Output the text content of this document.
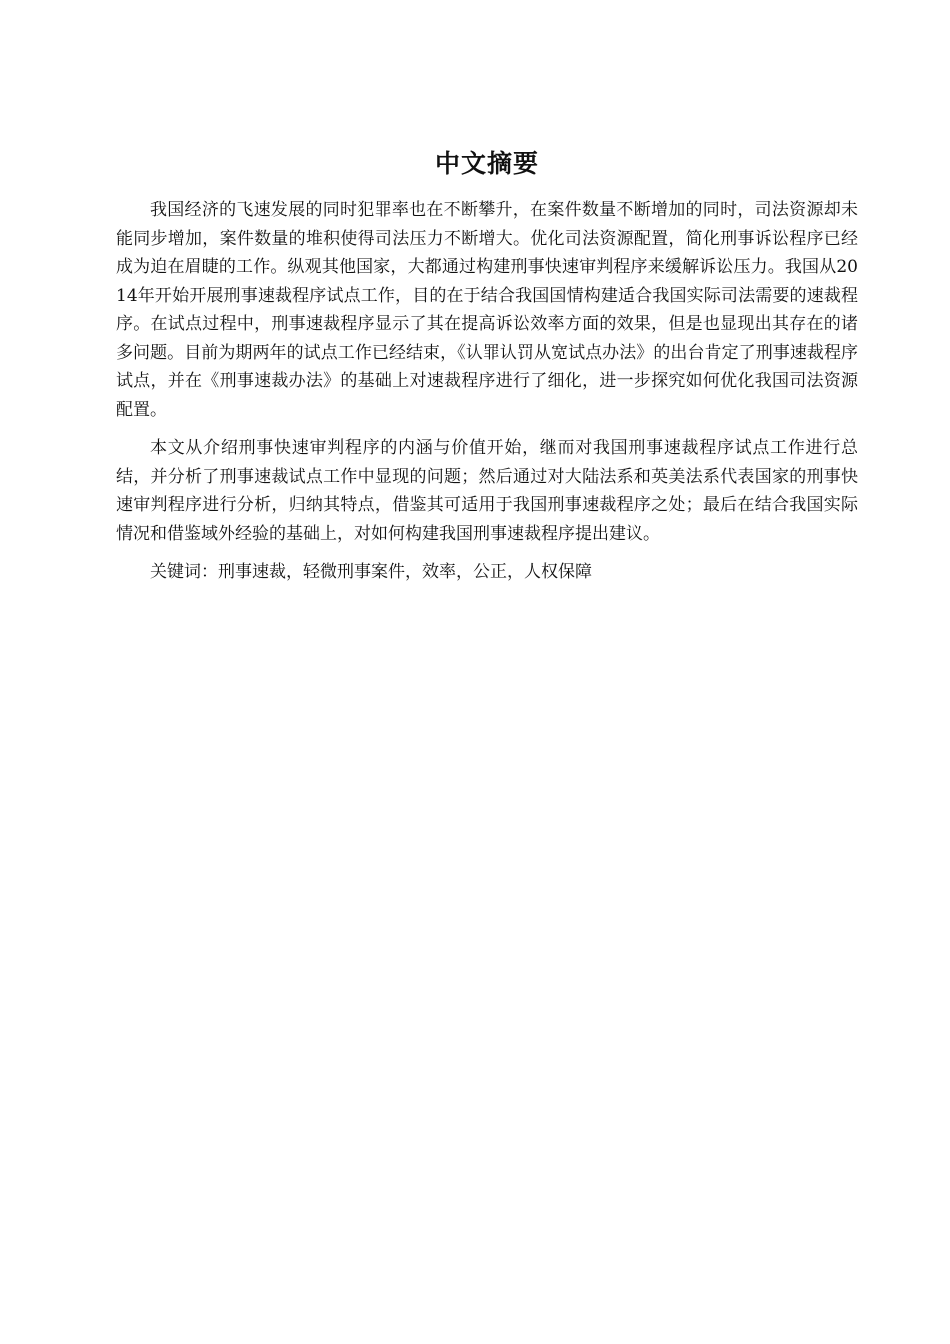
中文摘要

我国经济的飞速发展的同时犯罪率也在不断攀升，在案件数量不断增加的同时，司法资源却未能同步增加，案件数量的堆积使得司法压力不断增大。优化司法资源配置，简化刑事诉讼程序已经成为迫在眉睫的工作。纵观其他国家，大都通过构建刑事快速审判程序来缓解诉讼压力。我国从2014年开始开展刑事速裁程序试点工作，目的在于结合我国国情构建适合我国实际司法需要的速裁程序。在试点过程中，刑事速裁程序显示了其在提高诉讼效率方面的效果，但是也显现出其存在的诸多问题。目前为期两年的试点工作已经结束，《认罪认罚从宽试点办法》的出台肯定了刑事速裁程序试点，并在《刑事速裁办法》的基础上对速裁程序进行了细化，进一步探究如何优化我国司法资源配置。

本文从介绍刑事快速审判程序的内涵与价值开始，继而对我国刑事速裁程序试点工作进行总结，并分析了刑事速裁试点工作中显现的问题；然后通过对大陆法系和英美法系代表国家的刑事快速审判程序进行分析，归纳其特点，借鉴其可适用于我国刑事速裁程序之处；最后在结合我国实际情况和借鉴域外经验的基础上，对如何构建我国刑事速裁程序提出建议。

关键词：刑事速裁，轻微刑事案件，效率，公正，人权保障
